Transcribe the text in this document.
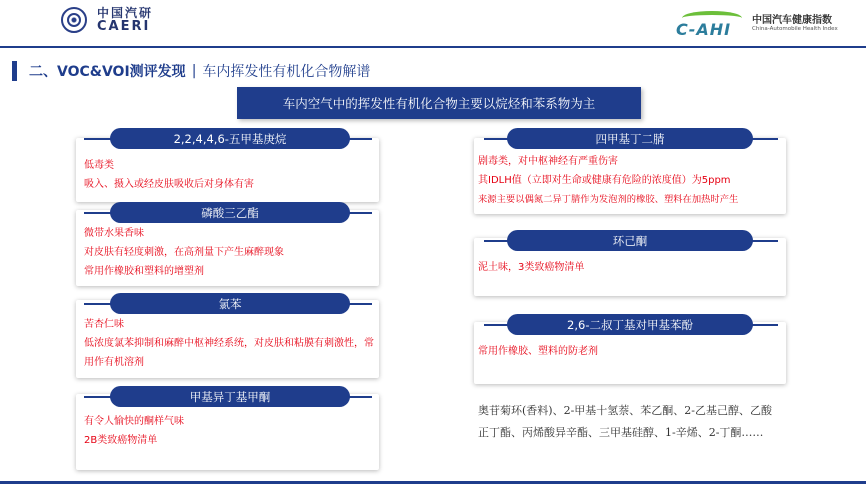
中国汽研
CAERI	C-AHI 中国汽车健康指数
China-Automobile Health Index
二、VOC&VOI测评发现 | 车内挥发性有机化合物解谱
车内空气中的挥发性有机化合物主要以烷烃和苯系物为主
低毒类
吸入、摄入或经皮肤吸收后对身体有害
2,2,4,4,6-五甲基庚烷
微带水果香味
对皮肤有轻度刺激，在高剂量下产生麻醉现象
常用作橡胶和塑料的增塑剂
磷酸三乙酯
苦杏仁味
低浓度氯苯抑制和麻醉中枢神经系统，对皮肤和粘膜有刺激性，常用作有机溶剂
氯苯
有令人愉快的酮样气味
2B类致癌物清单
甲基异丁基甲酮
剧毒类，对中枢神经有严重伤害
其IDLH值（立即对生命或健康有危险的浓度值）为5ppm
来源主要以偶氮二异丁腈作为发泡剂的橡胶、塑料在加热时产生
四甲基丁二腈
泥土味，3类致癌物清单
环己酮
常用作橡胶、塑料的防老剂
2,6-二叔丁基对甲基苯酚
奥苷菊环(香料)、2-甲基十氢萘、苯乙酮、2-乙基己醇、乙酸正丁酯、丙烯酸异辛酯、三甲基硅醇、1-辛烯、2-丁酮……
